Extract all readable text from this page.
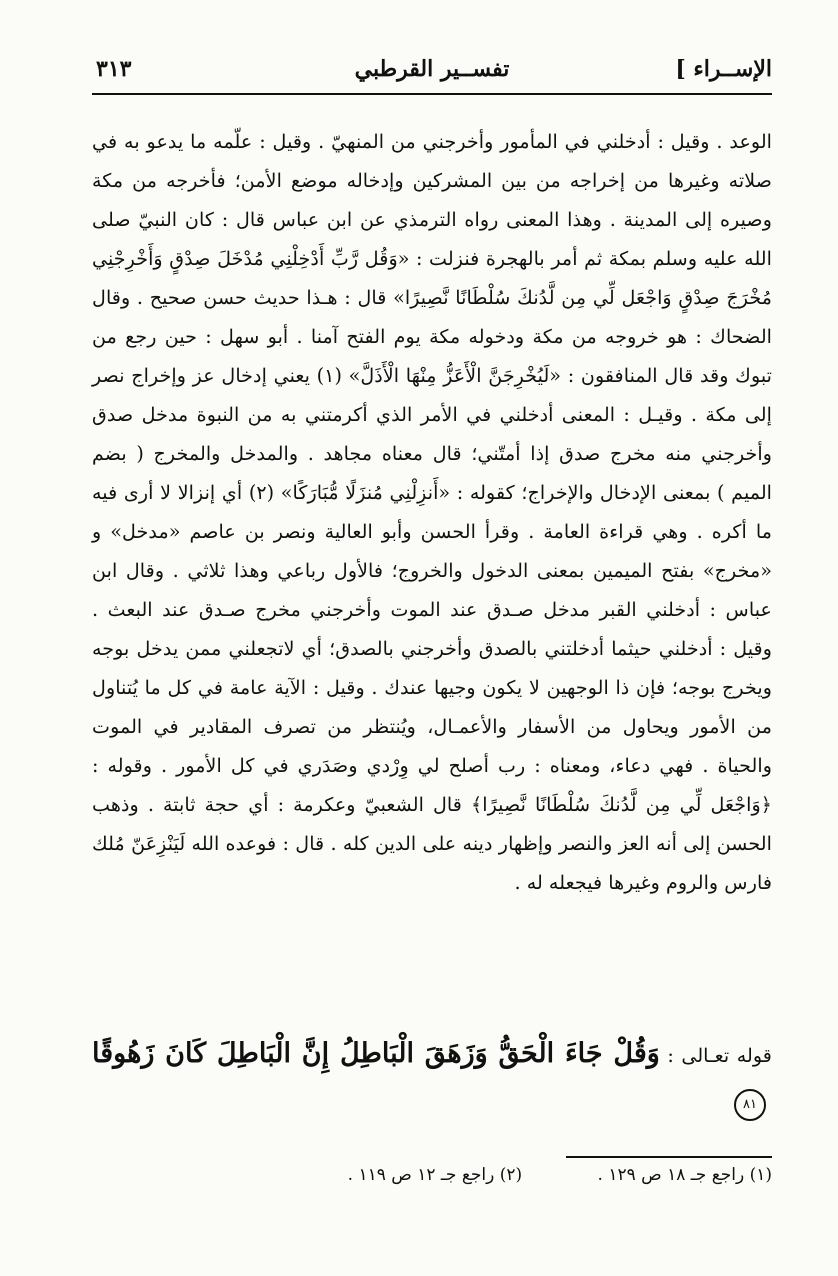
الإســراء ]
تفســير القرطبي
٣١٣

الوعد . وقيل : أدخلني في المأمور وأخرجني من المنهيّ . وقيل : علّمه ما يدعو به في صلاته وغيرها من إخراجه من بين المشركين وإدخاله موضع الأمن؛ فأخرجه من مكة وصيره إلى المدينة . وهذا المعنى رواه الترمذي عن ابن عباس قال : كان النبيّ صلى الله عليه وسلم بمكة ثم أمر بالهجرة فنزلت : «وَقُل رَّبِّ أَدْخِلْنِي مُدْخَلَ صِدْقٍ وَأَخْرِجْنِي مُخْرَجَ صِدْقٍ وَاجْعَل لِّي مِن لَّدُنكَ سُلْطَانًا نَّصِيرًا» قال : هـذا حديث حسن صحيح . وقال الضحاك : هو خروجه من مكة ودخوله مكة يوم الفتح آمنا . أبو سهل : حين رجع من تبوك وقد قال المنافقون : «لَيُخْرِجَنَّ الْأَعَزُّ مِنْهَا الْأَذَلَّ» (١) يعني إدخال عز وإخراج نصر إلى مكة . وقيـل : المعنى أدخلني في الأمر الذي أكرمتني به من النبوة مدخل صدق وأخرجني منه مخرج صدق إذا أمتّني؛ قال معناه مجاهد . والمدخل والمخرج ( بضم الميم ) بمعنى الإدخال والإخراج؛ كقوله : «أَنزِلْنِي مُنزَلًا مُّبَارَكًا» (٢) أي إنزالا لا أرى فيه ما أكره . وهي قراءة العامة . وقرأ الحسن وأبو العالية ونصر بن عاصم «مدخل» و «مخرج» بفتح الميمين بمعنى الدخول والخروج؛ فالأول رباعي وهذا ثلاثي . وقال ابن عباس : أدخلني القبر مدخل صـدق عند الموت وأخرجني مخرج صـدق عند البعث . وقيل : أدخلني حيثما أدخلتني بالصدق وأخرجني بالصدق؛ أي لاتجعلني ممن يدخل بوجه ويخرج بوجه؛ فإن ذا الوجهين لا يكون وجيها عندك . وقيل : الآية عامة في كل ما يُتناول من الأمور ويحاول من الأسفار والأعمـال، ويُنتظر من تصرف المقادير في الموت والحياة . فهي دعاء، ومعناه : رب أصلح لي وِرْدي وصَدَري في كل الأمور . وقوله : ﴿وَاجْعَل لِّي مِن لَّدُنكَ سُلْطَانًا نَّصِيرًا﴾ قال الشعبيّ وعكرمة : أي حجة ثابتة . وذهب الحسن إلى أنه العز والنصر وإظهار دينه على الدين كله . قال : فوعده الله لَيَنْزِعَنّ مُلك فارس والروم وغيرها فيجعله له .

قوله تعـالى : وَقُلْ جَاءَ الْحَقُّ وَزَهَقَ الْبَاطِلُ إِنَّ الْبَاطِلَ كَانَ زَهُوقًا ٨١
(١) راجع جـ ١٨ ص ١٢٩ . (٢) راجع جـ ١٢ ص ١١٩ .
